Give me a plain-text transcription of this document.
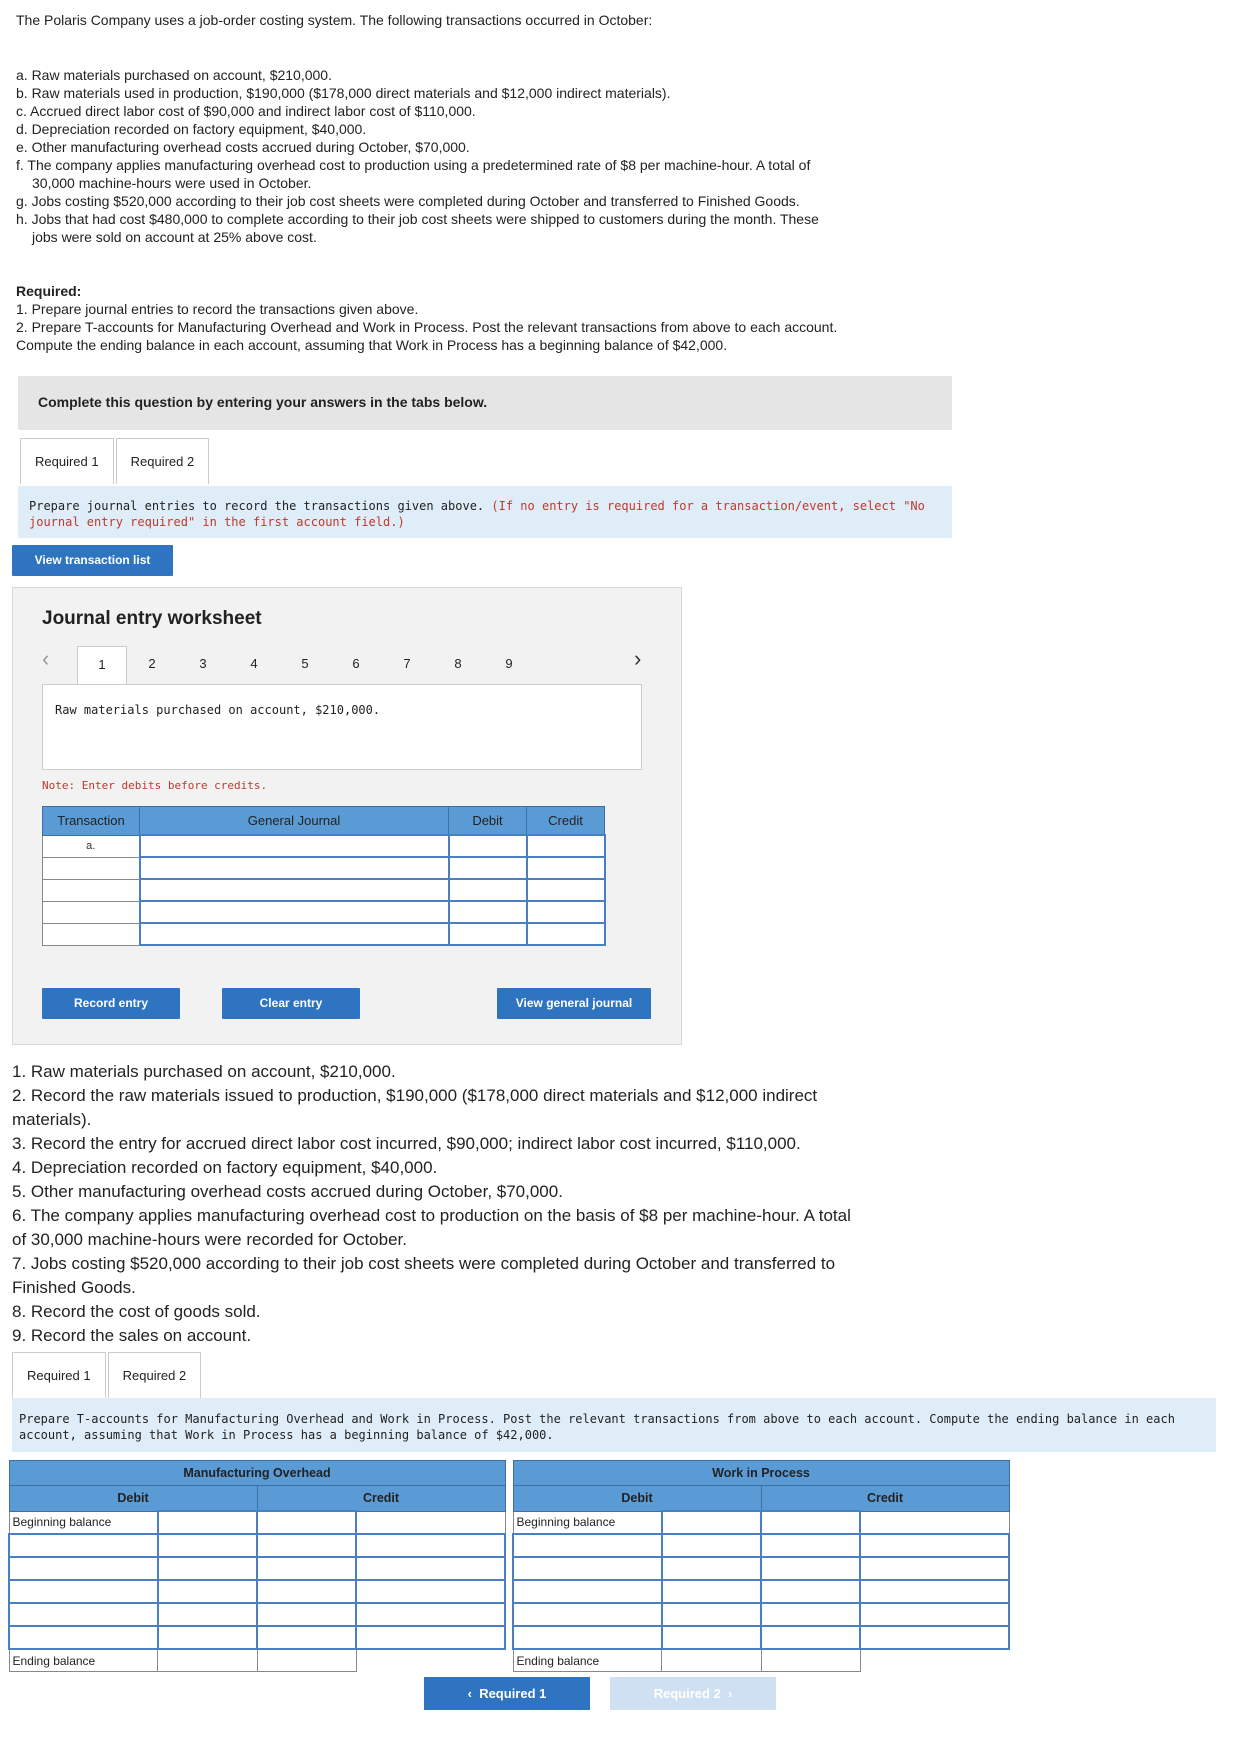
The Polaris Company uses a job-order costing system. The following transactions occurred in October:
a. Raw materials purchased on account, $210,000.
b. Raw materials used in production, $190,000 ($178,000 direct materials and $12,000 indirect materials).
c. Accrued direct labor cost of $90,000 and indirect labor cost of $110,000.
d. Depreciation recorded on factory equipment, $40,000.
e. Other manufacturing overhead costs accrued during October, $70,000.
f. The company applies manufacturing overhead cost to production using a predetermined rate of $8 per machine-hour. A total of
30,000 machine-hours were used in October.
g. Jobs costing $520,000 according to their job cost sheets were completed during October and transferred to Finished Goods.
h. Jobs that had cost $480,000 to complete according to their job cost sheets were shipped to customers during the month. These
jobs were sold on account at 25% above cost.
Required:
1. Prepare journal entries to record the transactions given above.
2. Prepare T-accounts for Manufacturing Overhead and Work in Process. Post the relevant transactions from above to each account.
Compute the ending balance in each account, assuming that Work in Process has a beginning balance of $42,000.
Complete this question by entering your answers in the tabs below.
Required 1	Required 2
Prepare journal entries to record the transactions given above. (If no entry is required for a transaction/event, select "No journal entry required" in the first account field.)
View transaction list
Journal entry worksheet
‹	1	2	3	4	5	6	7	8	9	›
Raw materials purchased on account, $210,000.
Note: Enter debits before credits.
Transaction	General Journal	Debit	Credit
a.			

Record entry	Clear entry	View general journal
1. Raw materials purchased on account, $210,000.
2. Record the raw materials issued to production, $190,000 ($178,000 direct materials and $12,000 indirect
materials).
3. Record the entry for accrued direct labor cost incurred, $90,000; indirect labor cost incurred, $110,000.
4. Depreciation recorded on factory equipment, $40,000.
5. Other manufacturing overhead costs accrued during October, $70,000.
6. The company applies manufacturing overhead cost to production on the basis of $8 per machine-hour. A total
of 30,000 machine-hours were recorded for October.
7. Jobs costing $520,000 according to their job cost sheets were completed during October and transferred to
Finished Goods.
8. Record the cost of goods sold.
9. Record the sales on account.
Required 1	Required 2
Prepare T-accounts for Manufacturing Overhead and Work in Process. Post the relevant transactions from above to each account. Compute the ending balance in each account, assuming that Work in Process has a beginning balance of $42,000.
Manufacturing Overhead			
Debit		Credit	
Beginning balance			

Ending balance			
Work in Process			
Debit		Credit	
Beginning balance			

Ending balance			
‹ Required 1	Required 2 ›
